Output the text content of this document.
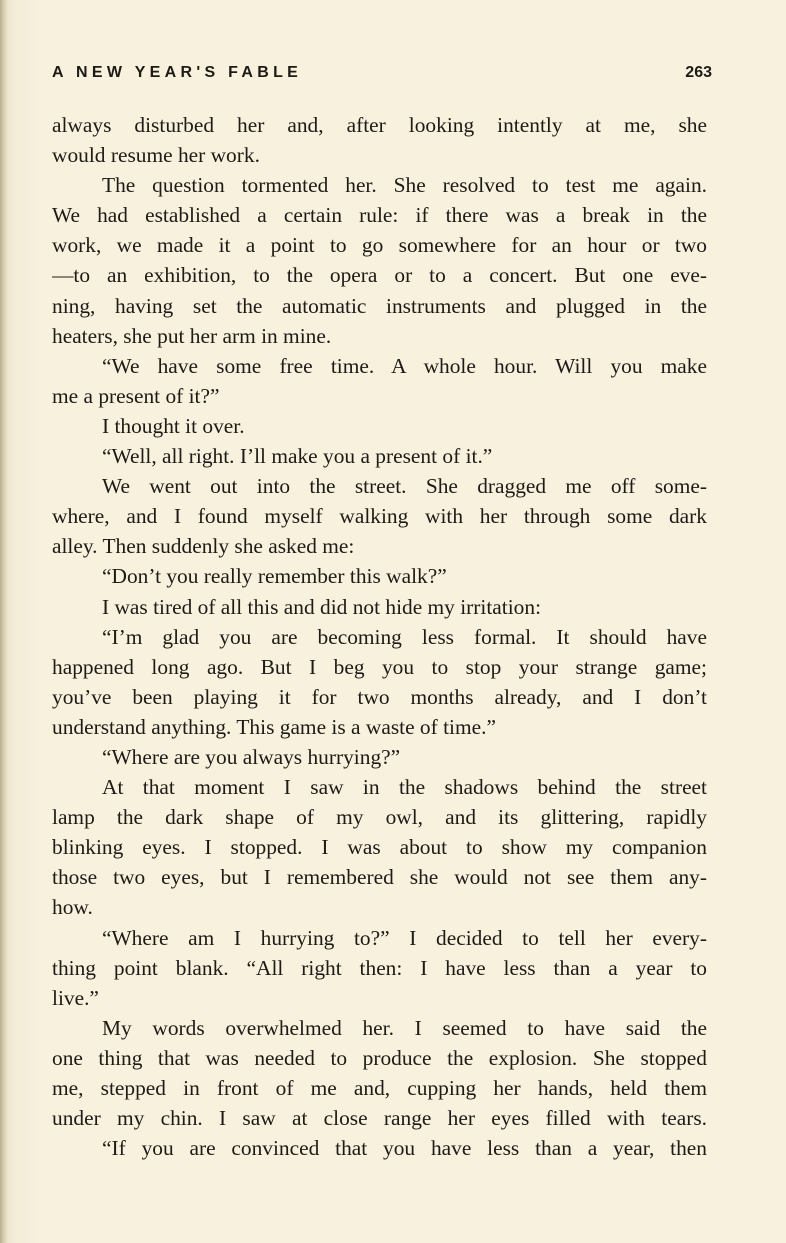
A NEW YEAR'S FABLE	263
always disturbed her and, after looking intently at me, she
would resume her work.
The question tormented her. She resolved to test me again.
We had established a certain rule: if there was a break in the
work, we made it a point to go somewhere for an hour or two
—to an exhibition, to the opera or to a concert. But one eve-
ning, having set the automatic instruments and plugged in the
heaters, she put her arm in mine.
“We have some free time. A whole hour. Will you make
me a present of it?”
I thought it over.
“Well, all right. I’ll make you a present of it.”
We went out into the street. She dragged me off some-
where, and I found myself walking with her through some dark
alley. Then suddenly she asked me:
“Don’t you really remember this walk?”
I was tired of all this and did not hide my irritation:
“I’m glad you are becoming less formal. It should have
happened long ago. But I beg you to stop your strange game;
you’ve been playing it for two months already, and I don’t
understand anything. This game is a waste of time.”
“Where are you always hurrying?”
At that moment I saw in the shadows behind the street
lamp the dark shape of my owl, and its glittering, rapidly
blinking eyes. I stopped. I was about to show my companion
those two eyes, but I remembered she would not see them any-
how.
“Where am I hurrying to?” I decided to tell her every-
thing point blank. “All right then: I have less than a year to
live.”
My words overwhelmed her. I seemed to have said the
one thing that was needed to produce the explosion. She stopped
me, stepped in front of me and, cupping her hands, held them
under my chin. I saw at close range her eyes filled with tears.
“If you are convinced that you have less than a year, then
